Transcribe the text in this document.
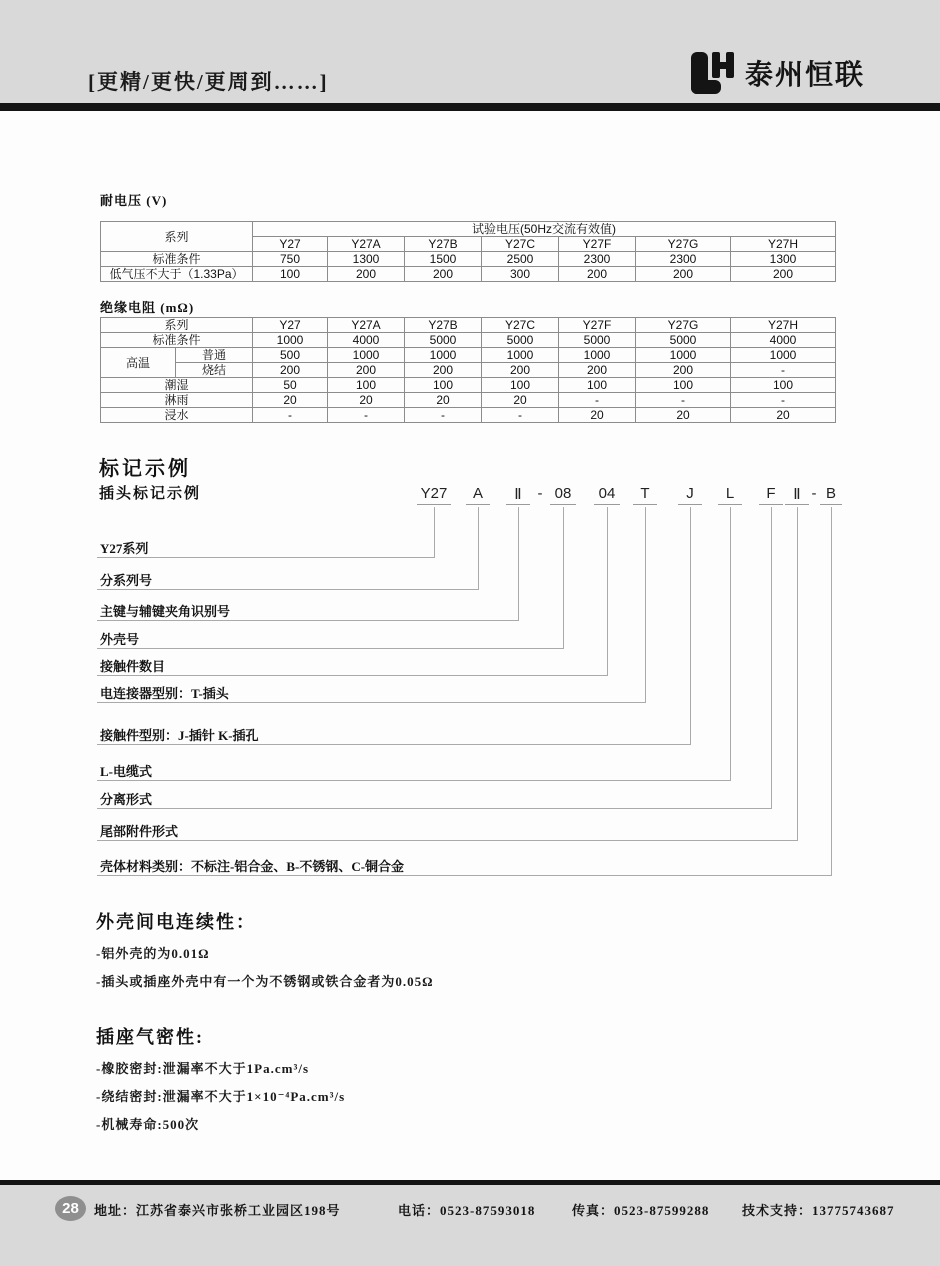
[更精/更快/更周到……]	泰州恒联
耐电压 (V)
系列	试验电压(50Hz交流有效值)						
	Y27	Y27A	Y27B	Y27C	Y27F	Y27G	Y27H
标准条件	750	1300	1500	2500	2300	2300	1300
低气压不大于（1.33Pa）	100	200	200	300	200	200	200
绝缘电阻 (mΩ)
系列		Y27	Y27A	Y27B	Y27C	Y27F	Y27G	Y27H
标准条件		1000	4000	5000	5000	5000	5000	4000
高温	普通	500	1000	1000	1000	1000	1000	1000
	烧结	200	200	200	200	200	200	-
潮湿		50	100	100	100	100	100	100
淋雨		20	20	20	20	-	-	-
浸水		-	-	-	-	20	20	20
标记示例
插头标记示例	Y27	A	Ⅱ	- 08	04	T	J	L	F	Ⅱ - B
Y27系列
分系列号
主键与辅键夹角识别号
外壳号
接触件数目
电连接器型别：T-插头
接触件型别：J-插针 K-插孔
L-电缆式
分离形式
尾部附件形式
壳体材料类别：不标注-铝合金、B-不锈钢、C-铜合金
外壳间电连续性：
-铝外壳的为0.01Ω
-插头或插座外壳中有一个为不锈钢或铁合金者为0.05Ω
插座气密性:
-橡胶密封:泄漏率不大于1Pa.cm³/s
-绕结密封:泄漏率不大于1×10⁻⁴Pa.cm³/s
-机械寿命:500次
28	地址：江苏省泰兴市张桥工业园区198号	电话：0523-87593018	传真：0523-87599288	技术支持：13775743687
